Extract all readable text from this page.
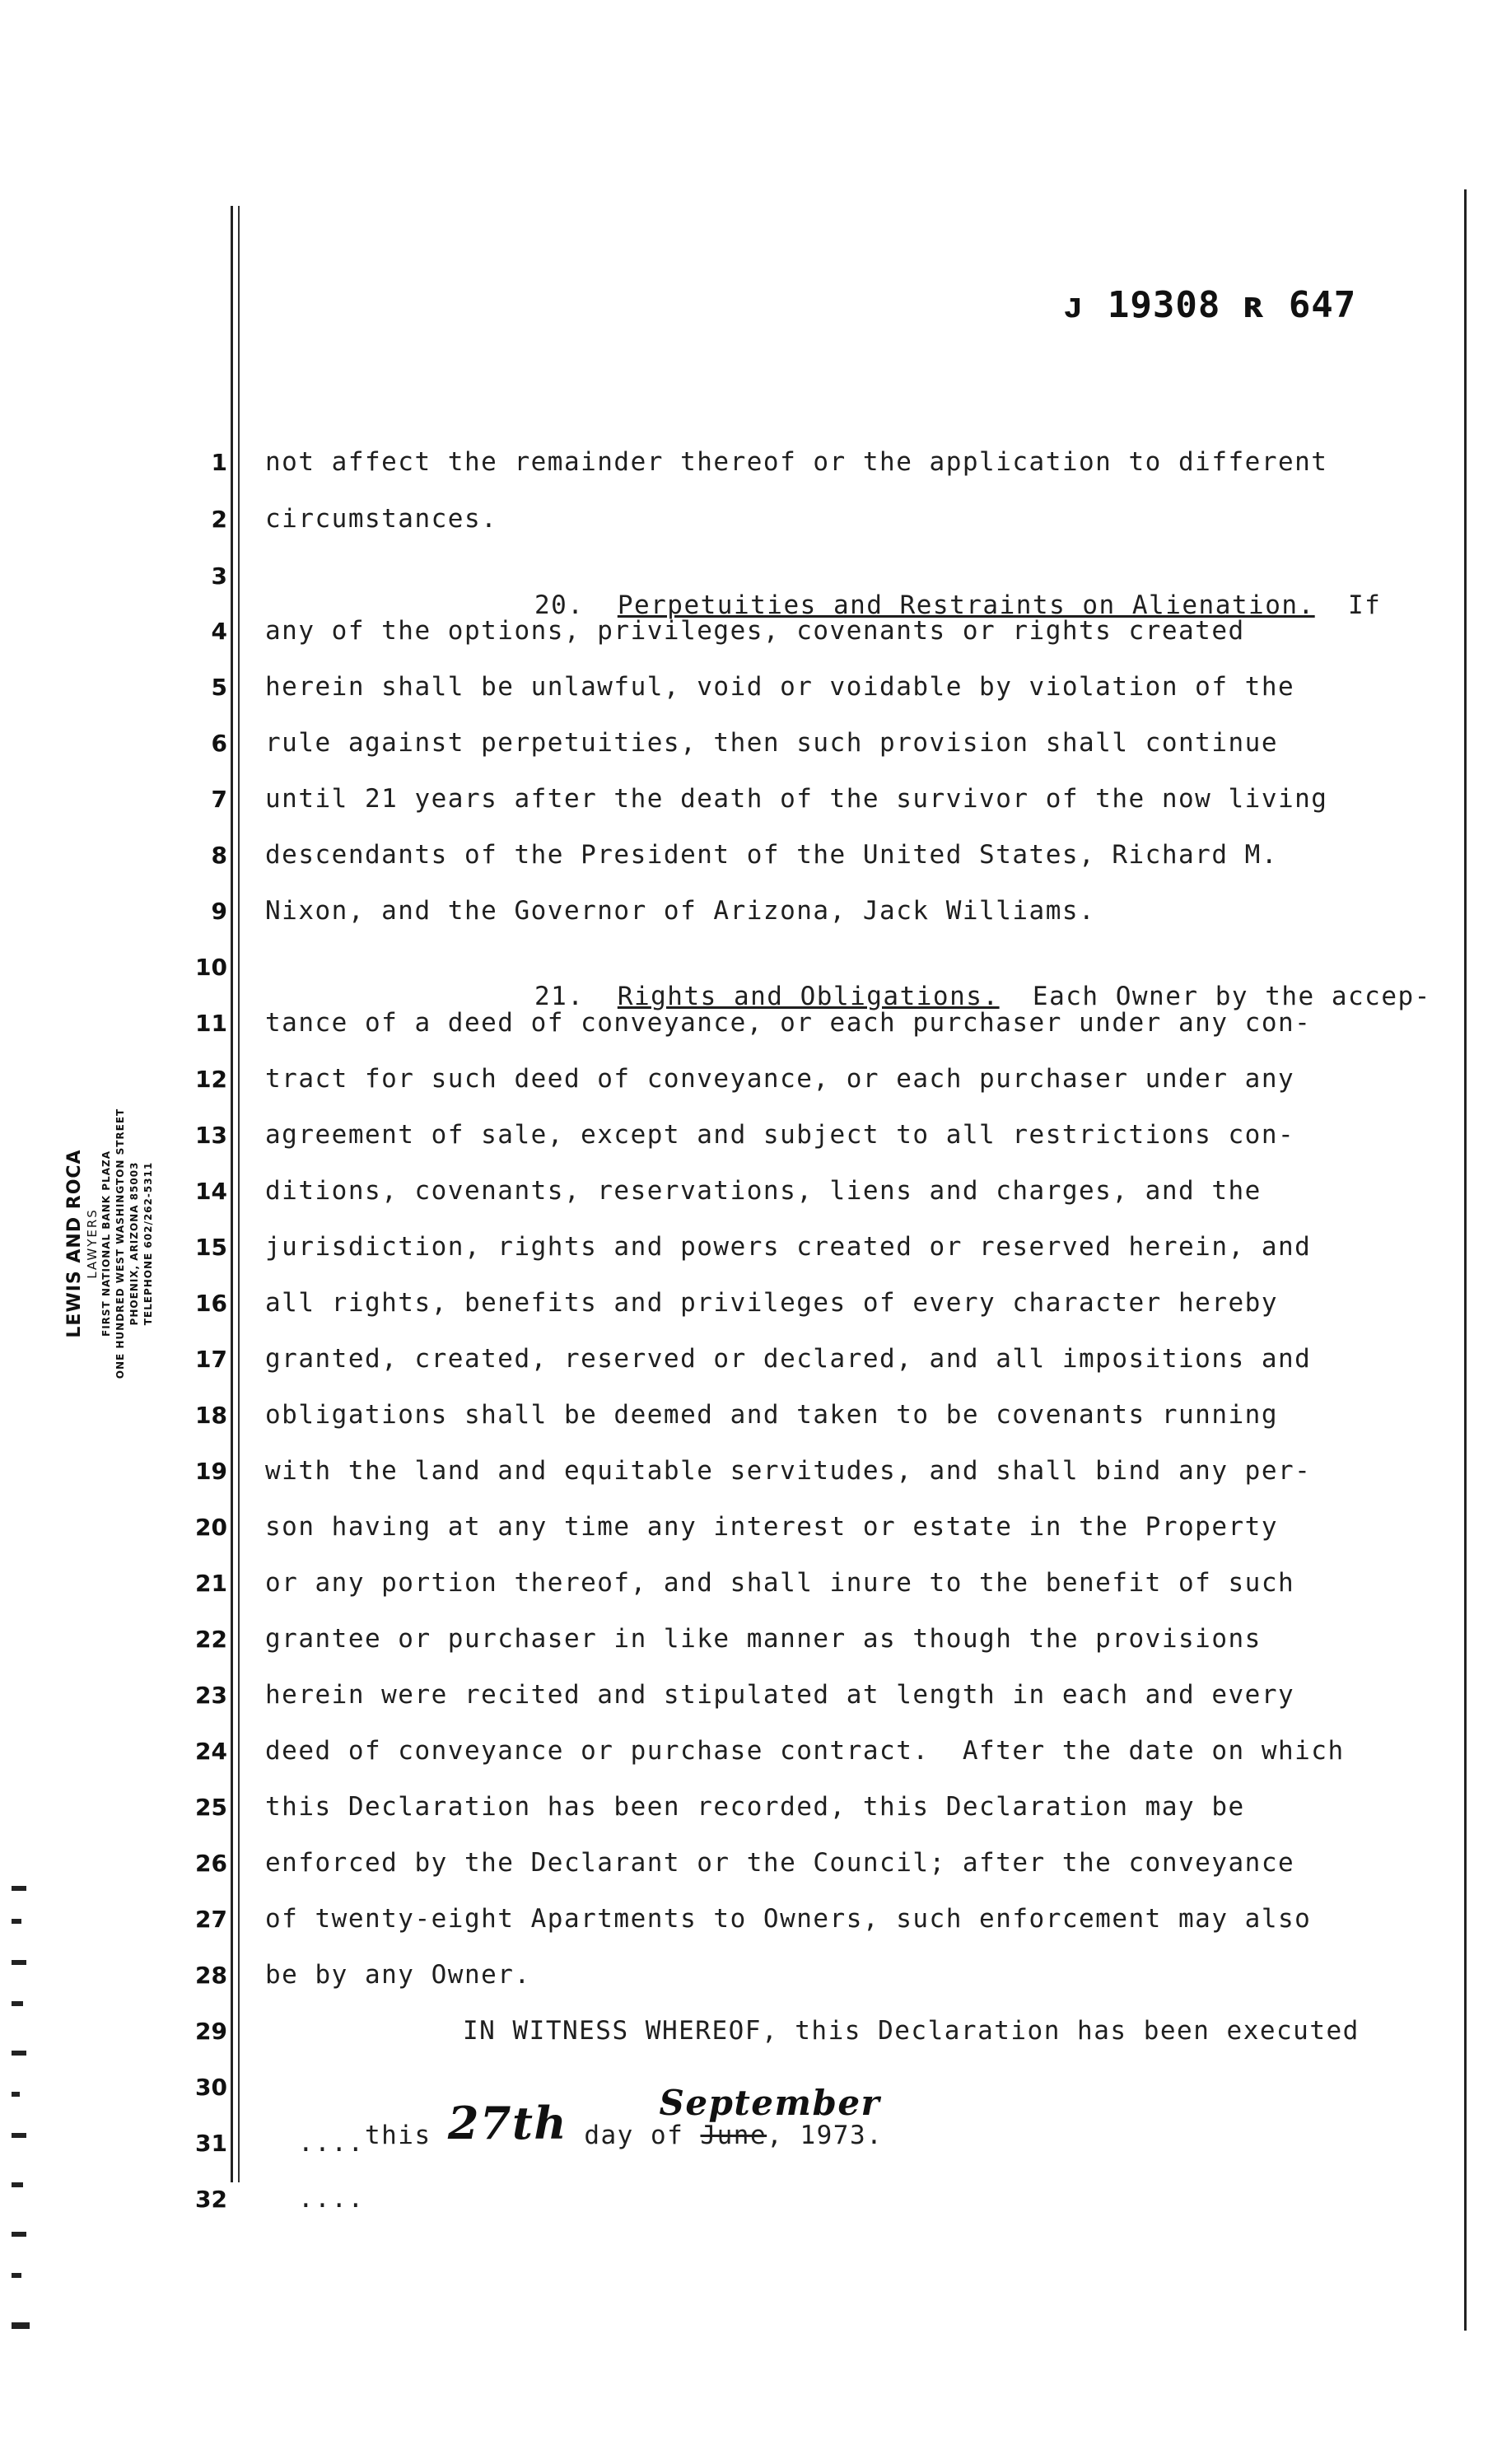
ᴊ 19308 ʀ 647
LEWIS AND ROCA LAWYERS FIRST NATIONAL BANK PLAZA ONE HUNDRED WEST WASHINGTON STREET PHOENIX, ARIZONA 85003 TELEPHONE 602/262-5311
1
2
3
4
5
6
7
8
9
10
11
12
13
14
15
16
17
18
19
20
21
22
23
24
25
26
27
28
29
30
31
32
not affect the remainder thereof or the application to different
circumstances.

20.  Perpetuities and Restraints on Alienation.  If

any of the options, privileges, covenants or rights created
herein shall be unlawful, void or voidable by violation of the
rule against perpetuities, then such provision shall continue
until 21 years after the death of the survivor of the now living
descendants of the President of the United States, Richard M.
Nixon, and the Governor of Arizona, Jack Williams.

21.  Rights and Obligations.  Each Owner by the accep-

tance of a deed of conveyance, or each purchaser under any con-
tract for such deed of conveyance, or each purchaser under any
agreement of sale, except and subject to all restrictions con-
ditions, covenants, reservations, liens and charges, and the
jurisdiction, rights and powers created or reserved herein, and
all rights, benefits and privileges of every character hereby
granted, created, reserved or declared, and all impositions and
obligations shall be deemed and taken to be covenants running
with the land and equitable servitudes, and shall bind any per-
son having at any time any interest or estate in the Property
or any portion thereof, and shall inure to the benefit of such
grantee or purchaser in like manner as though the provisions
herein were recited and stipulated at length in each and every
deed of conveyance or purchase contract.  After the date on which
this Declaration has been recorded, this Declaration may be
enforced by the Declarant or the Council; after the conveyance
of twenty-eight Apartments to Owners, such enforcement may also
be by any Owner.
IN WITNESS WHEREOF, this Declaration has been executed

this 27th day of June
September
, 1973.

....
....
